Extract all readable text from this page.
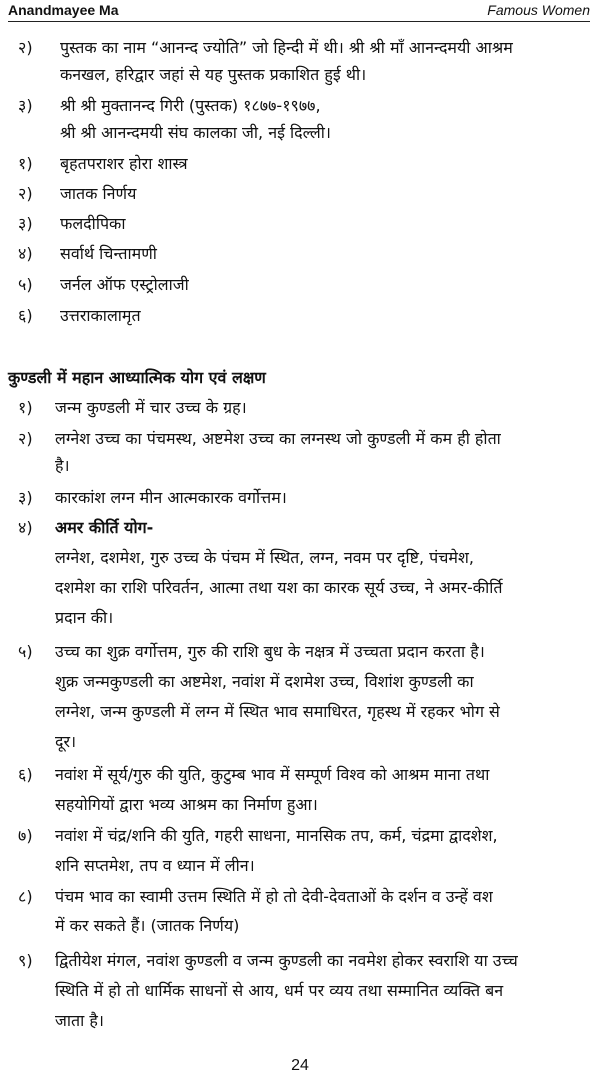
Anandmayee Ma	Famous Women
२) पुस्तक का नाम “आनन्द ज्योति” जो हिन्दी में थी। श्री श्री माँ आनन्दमयी आश्रम
कनखल, हरिद्वार जहां से यह पुस्तक प्रकाशित हुई थी।
३) श्री श्री मुक्तानन्द गिरी (पुस्तक) १८७७-१९७७,
श्री श्री आनन्दमयी संघ कालका जी, नई दिल्ली।
१) बृहतपराशर होरा शास्त्र
२) जातक निर्णय
३) फलदीपिका
४) सर्वार्थ चिन्तामणी
५) जर्नल ऑफ एस्ट्रोलाजी
६) उत्तराकालामृत
कुण्डली में महान आध्यात्मिक योग एवं लक्षण
१) जन्म कुण्डली में चार उच्च के ग्रह।
२) लग्नेश उच्च का पंचमस्थ, अष्टमेश उच्च का लग्नस्थ जो कुण्डली में कम ही होता
है।
३) कारकांश लग्न मीन आत्मकारक वर्गोत्तम।
४) अमर कीर्ति योग-
लग्नेश, दशमेश, गुरु उच्च के पंचम में स्थित, लग्न, नवम पर दृष्टि, पंचमेश,
दशमेश का राशि परिवर्तन, आत्मा तथा यश का कारक सूर्य उच्च, ने अमर-कीर्ति
प्रदान की।
५) उच्च का शुक्र वर्गोत्तम, गुरु की राशि बुध के नक्षत्र में उच्चता प्रदान करता है।
शुक्र जन्मकुण्डली का अष्टमेश, नवांश में दशमेश उच्च, विशांश कुण्डली का
लग्नेश, जन्म कुण्डली में लग्न में स्थित भाव समाधिरत, गृहस्थ में रहकर भोग से
दूर।
६) नवांश में सूर्य/गुरु की युति, कुटुम्ब भाव में सम्पूर्ण विश्व को आश्रम माना तथा
सहयोगियों द्वारा भव्य आश्रम का निर्माण हुआ।
७) नवांश में चंद्र/शनि की युति, गहरी साधना, मानसिक तप, कर्म, चंद्रमा द्वादशेश,
शनि सप्तमेश, तप व ध्यान में लीन।
८) पंचम भाव का स्वामी उत्तम स्थिति में हो तो देवी-देवताओं के दर्शन व उन्हें वश
में कर सकते हैं। (जातक निर्णय)
९) द्वितीयेश मंगल, नवांश कुण्डली व जन्म कुण्डली का नवमेश होकर स्वराशि या उच्च
स्थिति में हो तो धार्मिक साधनों से आय, धर्म पर व्यय तथा सम्मानित व्यक्ति बन
जाता है।
24
